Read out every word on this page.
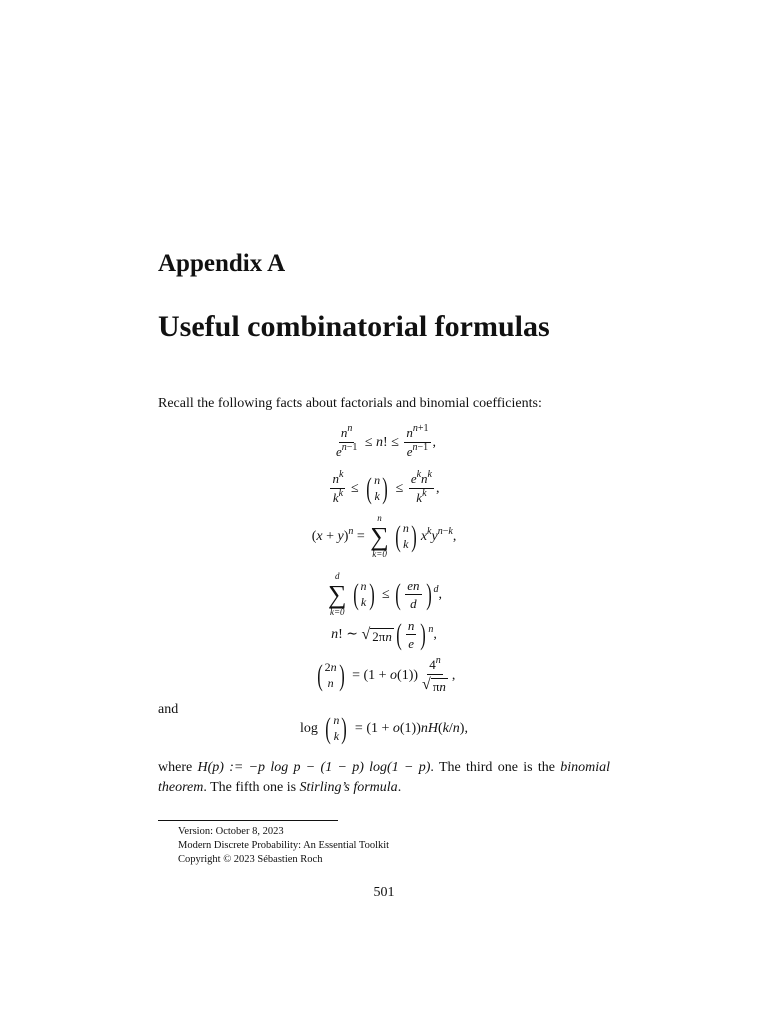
Appendix A
Useful combinatorial formulas
Recall the following facts about factorials and binomial coefficients:
$\frac{n^n}{e^{n-1}} \le n$! ≤ $\frac{n^{n+1}}{e^{n-1}}$ ,
$\frac{n^k}{k^k}$ ≤ ( n
k ) ≤ $\frac{e^kn^k}{k^k}$ ,
$(x + y)^n$ =
n
∑
k=0
( n
k ) $x^ky^{n-k}$,
d
∑
k=0
( n
k ) ≤ ( $\frac{en}{d}$ ) $^d$,
n! ∼ √ 2πn ( $\frac{n}{e}$ ) $^n$,
( 2n
n ) = $(1 + o(1)) \frac{4^n}{√ \pi n}$ ,
and
log ( n
k ) = (1 + o(1))nH(k/n),
where H(p) := −p log p − (1 − p) log(1 − p). The third one is the binomial theorem. The fifth one is Stirling’s formula.
Version: October 8, 2023
Modern Discrete Probability: An Essential Toolkit
Copyright © 2023 Sébastien Roch
501
